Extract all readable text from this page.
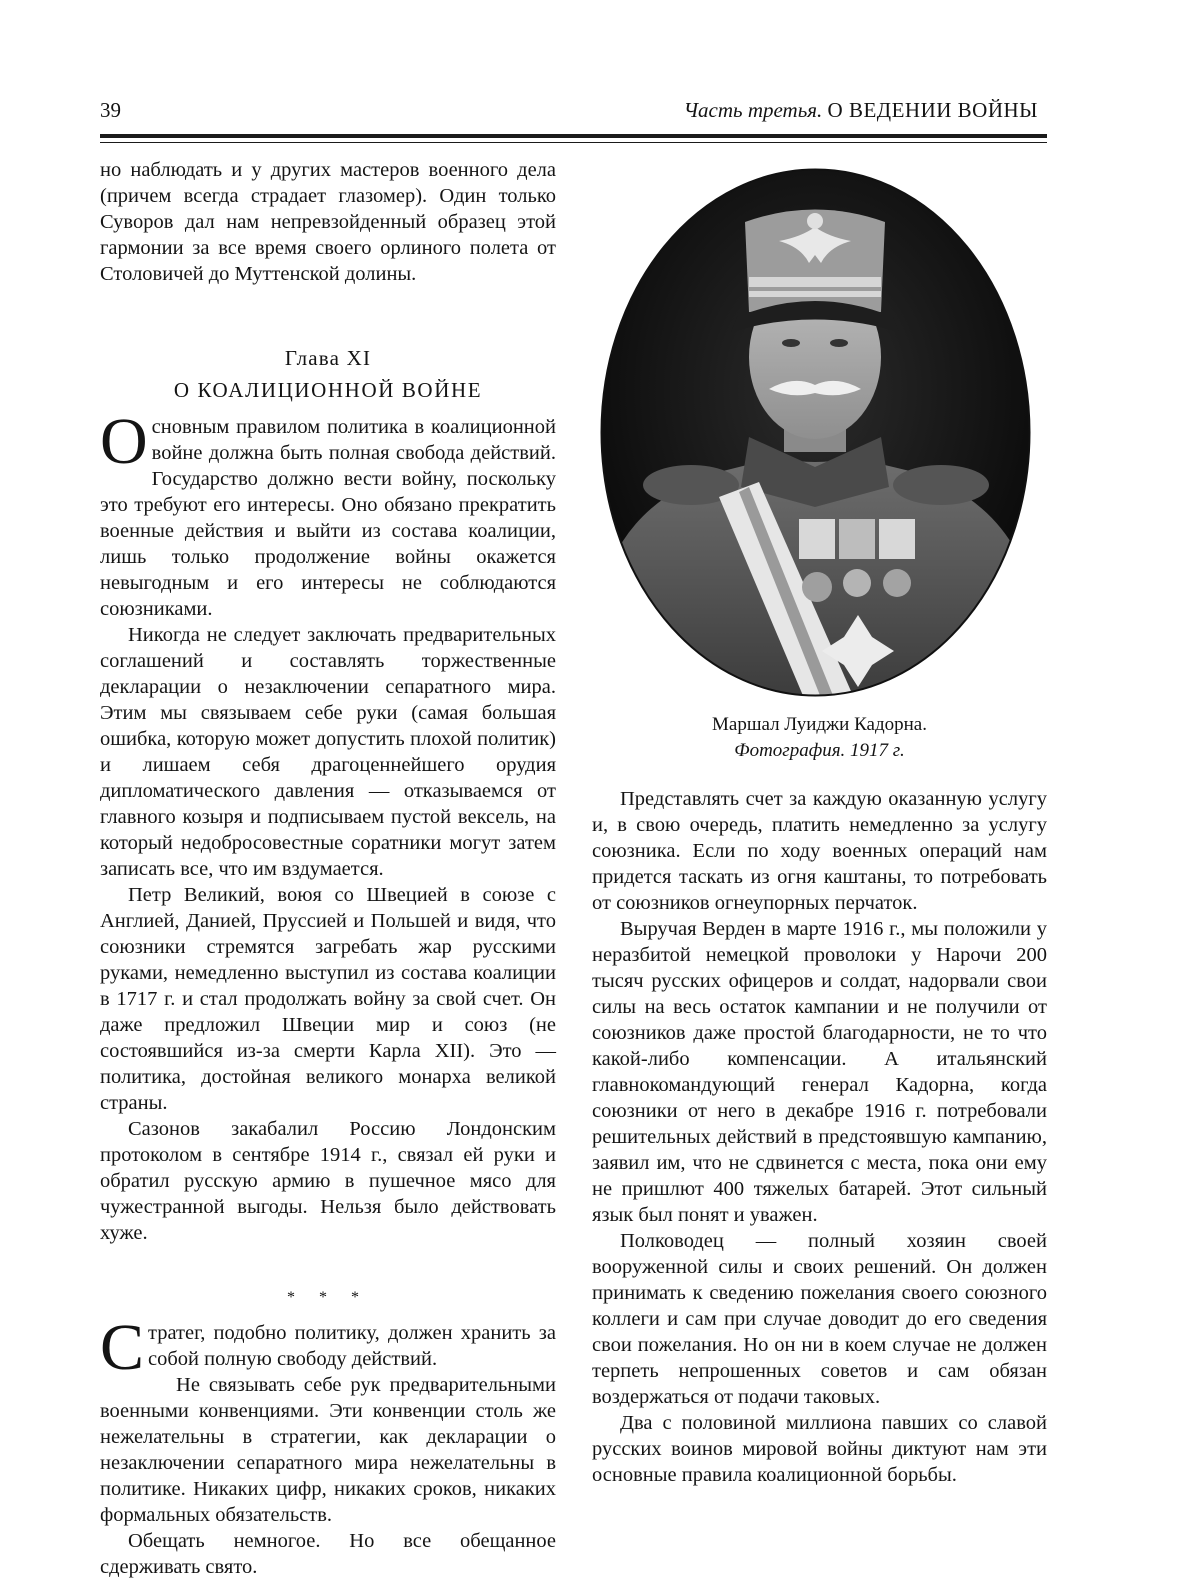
39	Часть третья. О ВЕДЕНИИ ВОЙНЫ

но наблюдать и у других мастеров военного дела (причем всегда страдает глазомер). Один только Суворов дал нам непревзойденный образец этой гармонии за все время своего орлиного полета от Столовичей до Муттенской долины.

Глава XI
О КОАЛИЦИОННОЙ ВОЙНЕ

Основным правилом политика в коалиционной войне должна быть полная свобода действий. Государство должно вести войну, поскольку это требуют его интересы. Оно обязано прекратить военные действия и выйти из состава коалиции, лишь только продолжение войны окажется невыгодным и его интересы не соблюдаются союзниками.

Никогда не следует заключать предварительных соглашений и составлять торжественные декларации о незаключении сепаратного мира. Этим мы связываем себе руки (самая большая ошибка, которую может допустить плохой политик) и лишаем себя драгоценнейшего орудия дипломатического давления — отказываемся от главного козыря и подписываем пустой вексель, на который недобросовестные соратники могут затем записать все, что им вздумается.

Петр Великий, воюя со Швецией в союзе с Англией, Данией, Пруссией и Польшей и видя, что союзники стремятся загребать жар русскими руками, немедленно выступил из состава коалиции в 1717 г. и стал продолжать войну за свой счет. Он даже предложил Швеции мир и союз (не состоявшийся из-за смерти Карла XII). Это — политика, достойная великого монарха великой страны.

Сазонов закабалил Россию Лондонским протоколом в сентябре 1914 г., связал ей руки и обратил русскую армию в пушечное мясо для чужестранной выгоды. Нельзя было действовать хуже.

* * *

Стратег, подобно политику, должен хранить за собой полную свободу действий.

Не связывать себе рук предварительными военными конвенциями. Эти конвенции столь же нежелательны в стратегии, как декларации о незаключении сепаратного мира нежелательны в политике. Никаких цифр, никаких сроков, никаких формальных обязательств.

Обещать немногое. Но все обещанное сдерживать свято.

Маршал Луиджи Кадорна.
Фотография. 1917 г.

Представлять счет за каждую оказанную услугу и, в свою очередь, платить немедленно за услугу союзника. Если по ходу военных операций нам придется таскать из огня каштаны, то потребовать от союзников огнеупорных перчаток.

Выручая Верден в марте 1916 г., мы положили у неразбитой немецкой проволоки у Нарочи 200 тысяч русских офицеров и солдат, надорвали свои силы на весь остаток кампании и не получили от союзников даже простой благодарности, не то что какой-либо компенсации. А итальянский главнокомандующий генерал Кадорна, когда союзники от него в декабре 1916 г. потребовали решительных действий в предстоявшую кампанию, заявил им, что не сдвинется с места, пока они ему не пришлют 400 тяжелых батарей. Этот сильный язык был понят и уважен.

Полководец — полный хозяин своей вооруженной силы и своих решений. Он должен принимать к сведению пожелания своего союзного коллеги и сам при случае доводит до его сведения свои пожелания. Но он ни в коем случае не должен терпеть непрошенных советов и сам обязан воздержаться от подачи таковых.

Два с половиной миллиона павших со славой русских воинов мировой войны диктуют нам эти основные правила коалиционной борьбы.
